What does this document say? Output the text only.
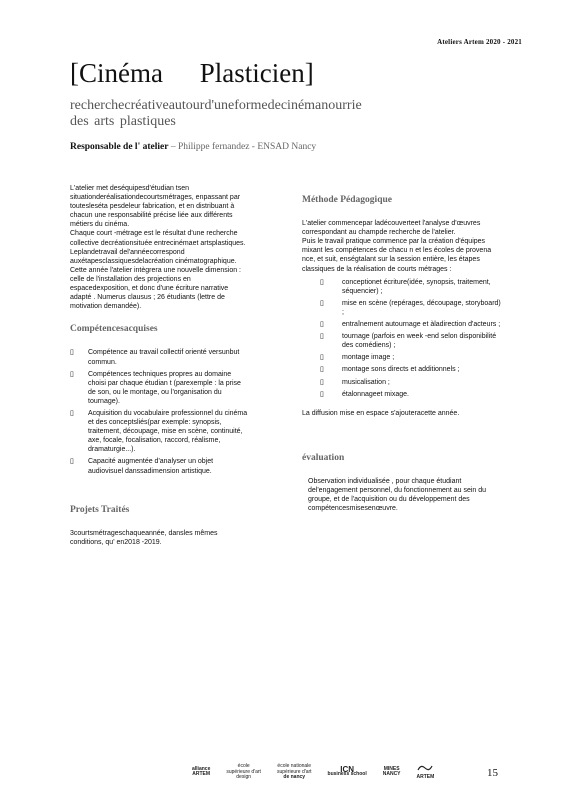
Ateliers Artem 2020 - 2021
[Cinéma Plasticien]
recherchecréativeautourd'uneformedecinémanourrie des arts plastiques
Responsable de l' atelier – Philippe fernandez - ENSAD Nancy
L'atelier met deséquipesd'étudian tsen situationderéalisationdecourtsmétrages, enpassant par toutesleséta pesdeleur fabrication, et en distribuant à chacun une responsabilité précise liée aux différents métiers du cinéma.
Chaque court -métrage est le résultat d'une recherche collective decréationsituée entrecinémaet artsplastiques. Leplandetravail del'annéecorrespond auxétapesclassiquesdelacréation cinématographique.
Cette année l'atelier intègrera une nouvelle dimension : celle de l'installation des projections en espacedexposition, et donc d'une écriture narrative adapté . Numerus clausus ; 26 étudiants (lettre de motivation demandée).
Compétencesacquises
▯ Compétence au travail collectif orienté versunbut commun.
▯ Compétences techniques propres au domaine choisi par chaque étudian t (parexemple : la prise de son, ou le montage, ou l'organisation du tournage).
▯ Acquisition du vocabulaire professionnel du cinéma et des conceptsliés(par exemple: synopsis, traitement, découpage, mise en scène, continuité, axe, focale, focalisation, raccord, réalisme, dramaturgie...).
▯ Capacité augmentée d'analyser un objet audiovisuel danssadimension artistique.
Projets Traités
3courtsmétrageschaqueannée, dansles mêmes conditions, qu' en2018 -2019.
Méthode Pédagogique
L'atelier commencepar ladécouverteet l'analyse d'œuvres correspondant au champde recherche de l'atelier.
Puis le travail pratique commence par la création d'équipes mixant les compétences de chacu n et les écoles de provena nce, et suit, enségtalant sur la session entière, les étapes classiques de la réalisation de courts métrages :
▯ conceptionet écriture(idée, synopsis, traitement, séquencier) ;
▯ mise en scène (repérages, découpage, storyboard) ;
▯ entraînement autournage et àladirection d'acteurs ;
▯ tournage (parfois en week -end selon disponibilité des comédiens) ;
▯ montage image ;
▯ montage sons directs et additionnels ;
▯ musicalisation ;
▯ étalonnageet mixage.
La diffusion mise en espace s'ajouteracette année.
évaluation
Observation individualisée , pour chaque étudiant del'engagement personnel, du fonctionnement au sein du groupe, et de l'acquisition ou du développement des compétencesmisesenœuvre.
alliance
ARTEM
école
supérieure d'art
design
école nationale
supérieure d'art
de nancy
ICN
business school
MINES
NANCY	ARTEM	15
